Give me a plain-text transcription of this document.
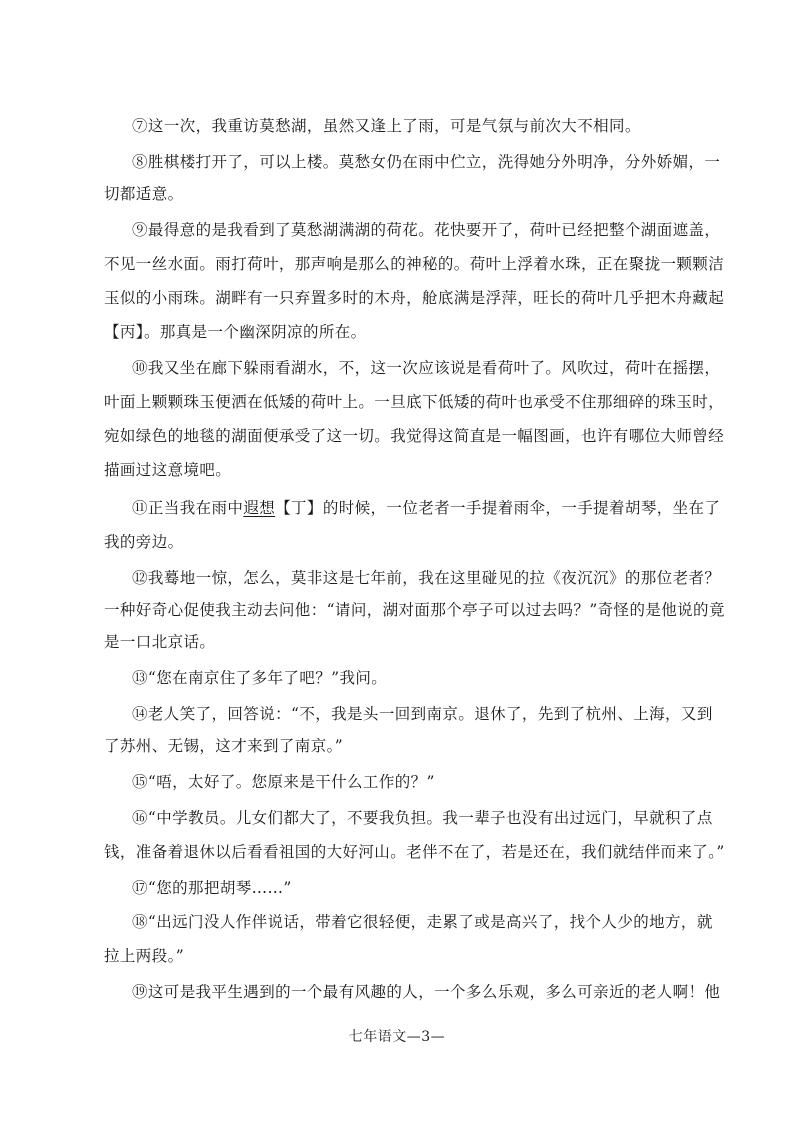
⑦这一次，我重访莫愁湖，虽然又逢上了雨，可是气氛与前次大不相同。
⑧胜棋楼打开了，可以上楼。莫愁女仍在雨中伫立，洗得她分外明净，分外娇媚，一
切都适意。
⑨最得意的是我看到了莫愁湖满湖的荷花。花快要开了，荷叶已经把整个湖面遮盖，
不见一丝水面。雨打荷叶，那声响是那么的神秘的。荷叶上浮着水珠，正在聚拢一颗颗洁
玉似的小雨珠。湖畔有一只弃置多时的木舟，舱底满是浮萍，旺长的荷叶几乎把木舟藏起
【丙】。那真是一个幽深阴凉的所在。
⑩我又坐在廊下躲雨看湖水，不，这一次应该说是看荷叶了。风吹过，荷叶在摇摆，
叶面上颗颗珠玉便洒在低矮的荷叶上。一旦底下低矮的荷叶也承受不住那细碎的珠玉时，
宛如绿色的地毯的湖面便承受了这一切。我觉得这简直是一幅图画，也许有哪位大师曾经
描画过这意境吧。
⑪正当我在雨中遐想【丁】的时候，一位老者一手提着雨伞，一手提着胡琴，坐在了
我的旁边。
⑫我蓦地一惊，怎么，莫非这是七年前，我在这里碰见的拉《夜沉沉》的那位老者？
一种好奇心促使我主动去问他：“请问，湖对面那个亭子可以过去吗？”奇怪的是他说的竟
是一口北京话。
⑬“您在南京住了多年了吧？”我问。
⑭老人笑了，回答说：“不，我是头一回到南京。退休了，先到了杭州、上海，又到
了苏州、无锡，这才来到了南京。”
⑮“唔，太好了。您原来是干什么工作的？”
⑯“中学教员。儿女们都大了，不要我负担。我一辈子也没有出过远门，早就积了点
钱，准备着退休以后看看祖国的大好河山。老伴不在了，若是还在，我们就结伴而来了。”
⑰“您的那把胡琴……”
⑱“出远门没人作伴说话，带着它很轻便，走累了或是高兴了，找个人少的地方，就
拉上两段。”
⑲这可是我平生遇到的一个最有风趣的人，一个多么乐观，多么可亲近的老人啊！他
七年语文—3—
